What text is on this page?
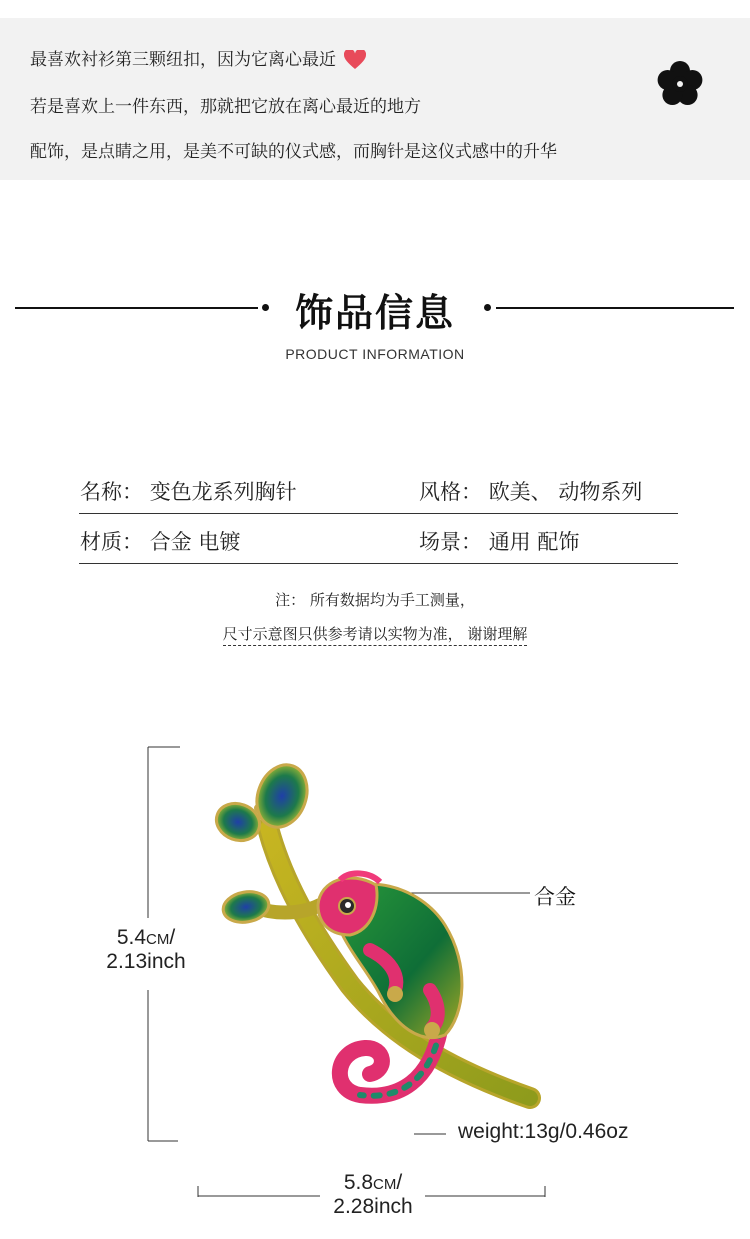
最喜欢衬衫第三颗纽扣，因为它离心最近

若是喜欢上一件东西，那就把它放在离心最近的地方

配饰，是点睛之用，是美不可缺的仪式感，而胸针是这仪式感中的升华

饰品信息
PRODUCT INFORMATION
名称： 变色龙系列胸针	风格： 欧美、 动物系列
材质： 合金 电镀	场景： 通用 配饰
注： 所有数据均为手工测量，
尺寸示意图只供参考请以实物为准， 谢谢理解
5.4CM/
2.13inch
5.8CM/
2.28inch
合金
weight:13g/0.46oz
